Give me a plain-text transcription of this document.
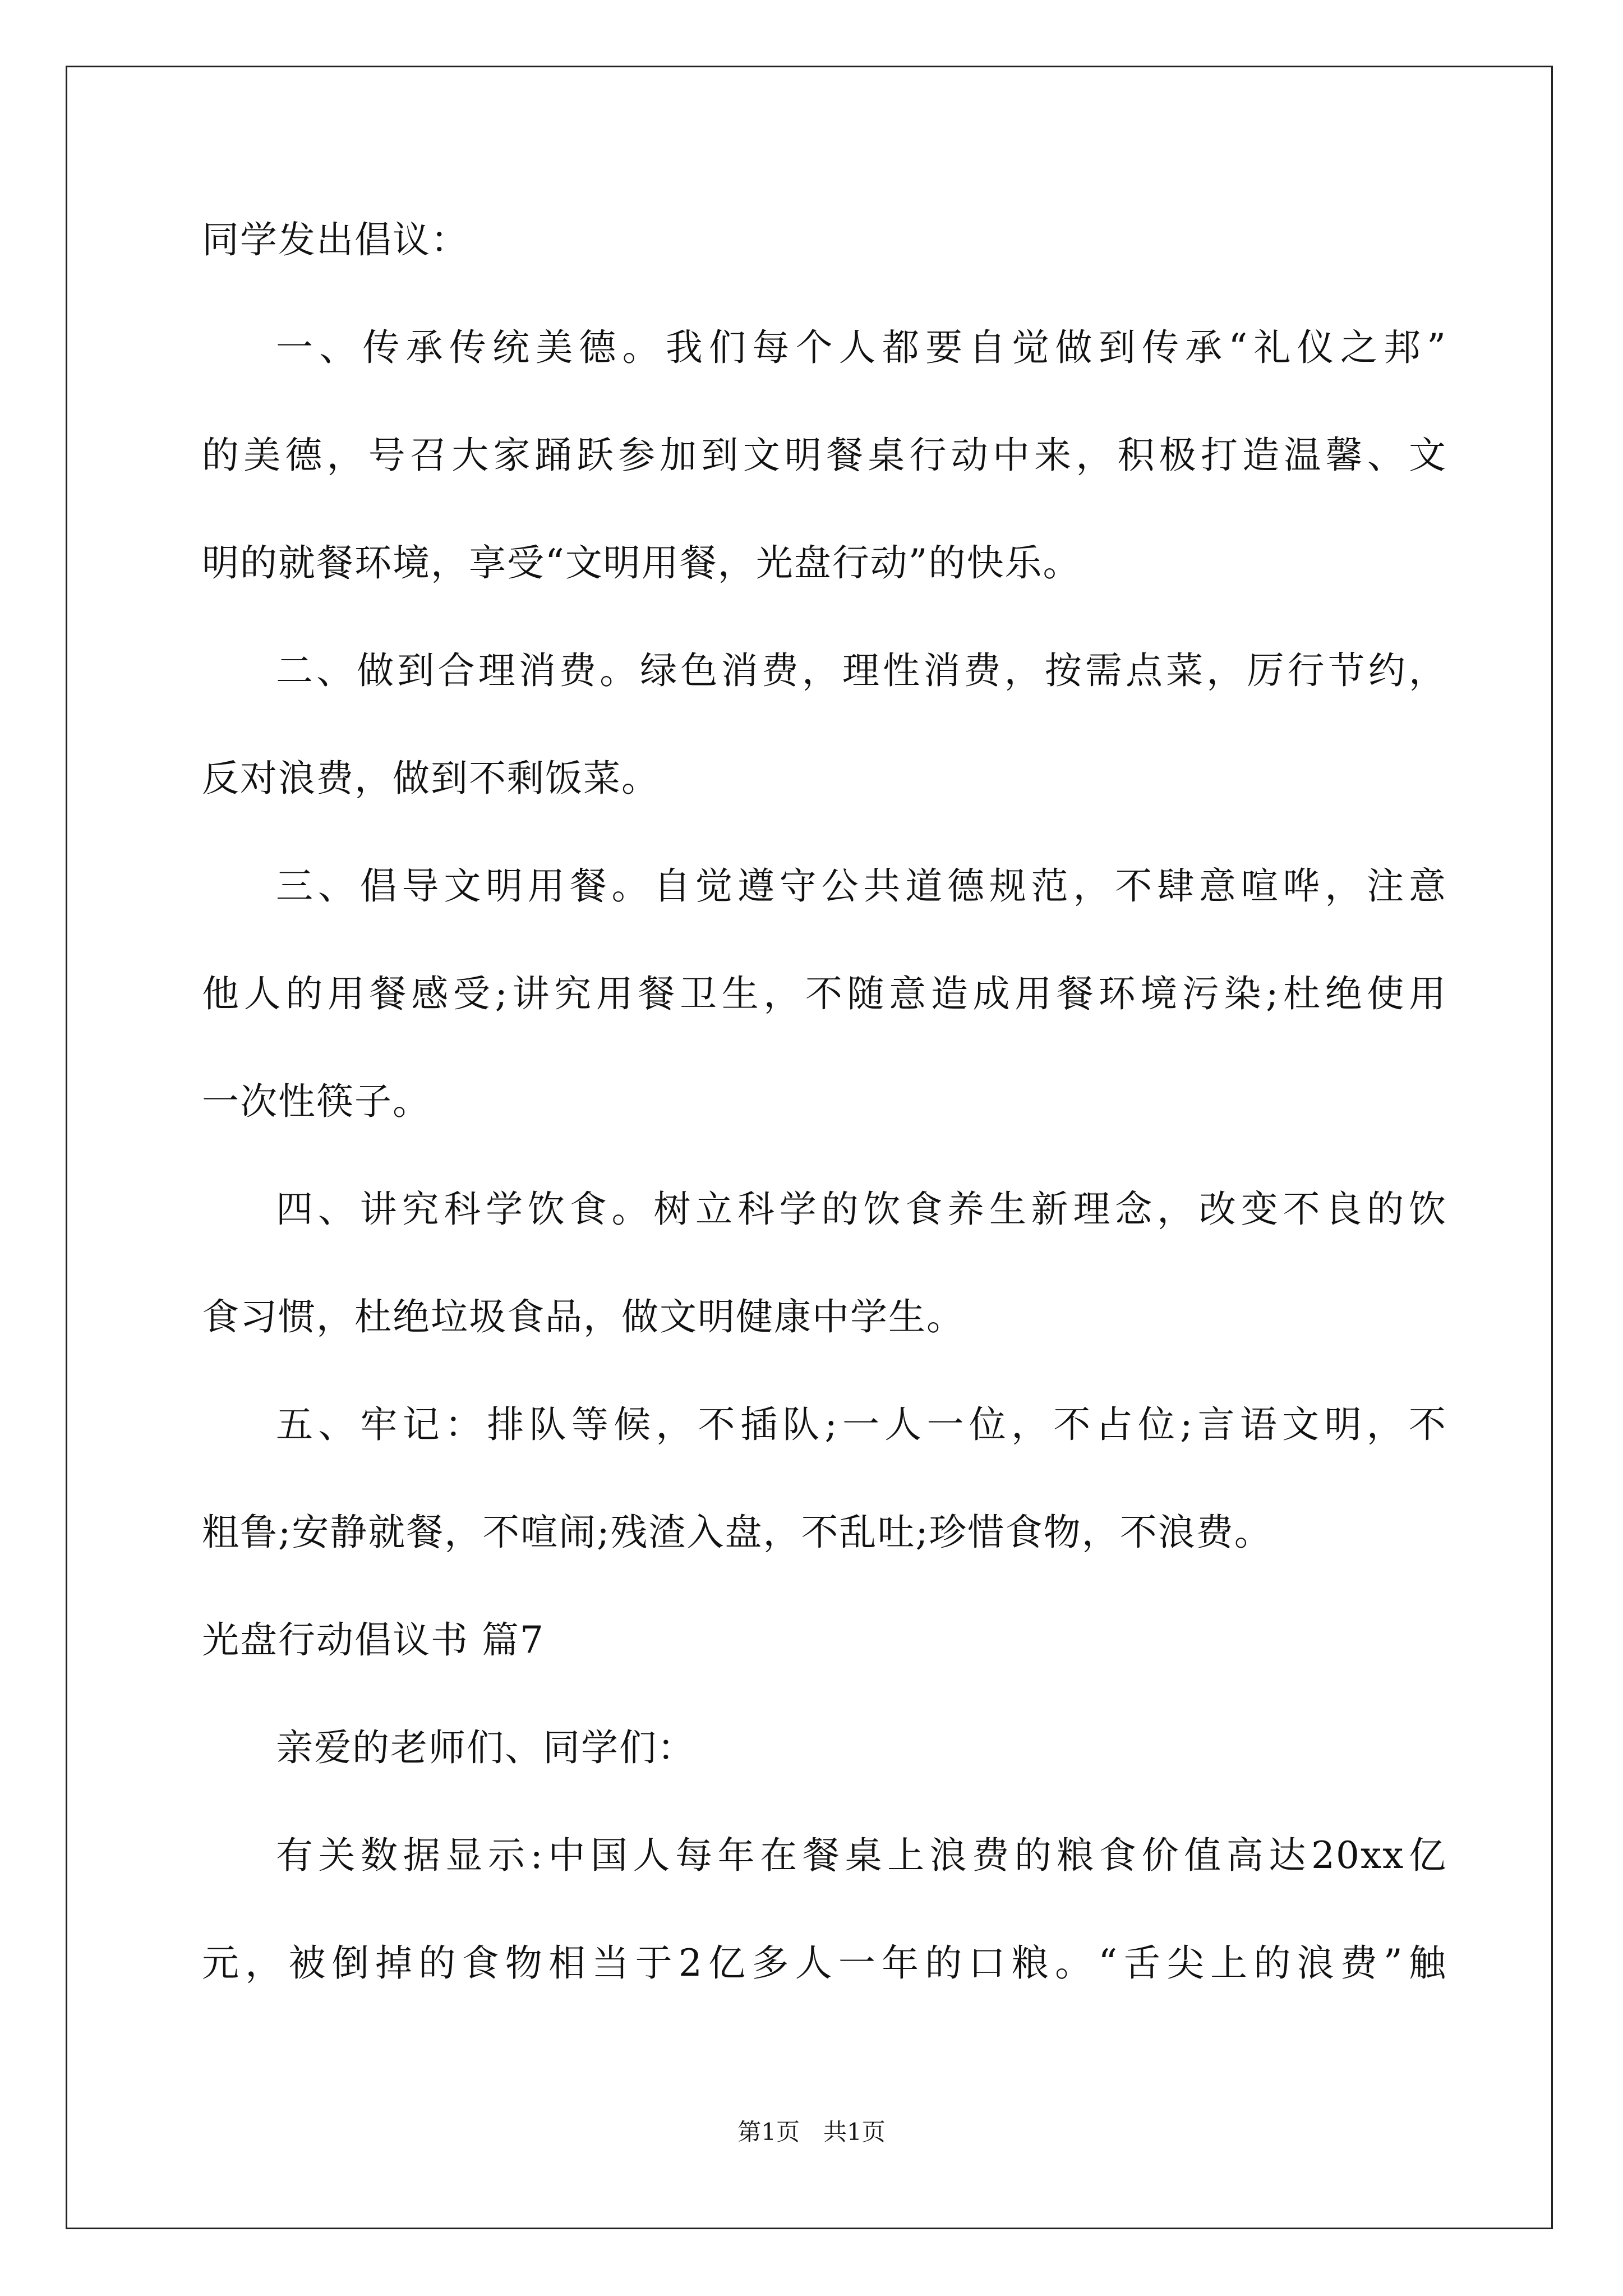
同学发出倡议：
一、传承传统美德。我们每个人都要自觉做到传承“礼仪之邦”
的美德，号召大家踊跃参加到文明餐桌行动中来，积极打造温馨、文
明的就餐环境，享受“文明用餐，光盘行动”的快乐。
二、做到合理消费。绿色消费，理性消费，按需点菜，厉行节约，
反对浪费，做到不剩饭菜。
三、倡导文明用餐。自觉遵守公共道德规范，不肆意喧哗，注意
他人的用餐感受;讲究用餐卫生，不随意造成用餐环境污染;杜绝使用
一次性筷子。
四、讲究科学饮食。树立科学的饮食养生新理念，改变不良的饮
食习惯，杜绝垃圾食品，做文明健康中学生。
五、牢记：排队等候，不插队;一人一位，不占位;言语文明，不
粗鲁;安静就餐，不喧闹;残渣入盘，不乱吐;珍惜食物，不浪费。
光盘行动倡议书 篇7
亲爱的老师们、同学们：
有关数据显示:中国人每年在餐桌上浪费的粮食价值高达20xx亿
元，被倒掉的食物相当于2亿多人一年的口粮。“舌尖上的浪费”触
第1页　共1页
